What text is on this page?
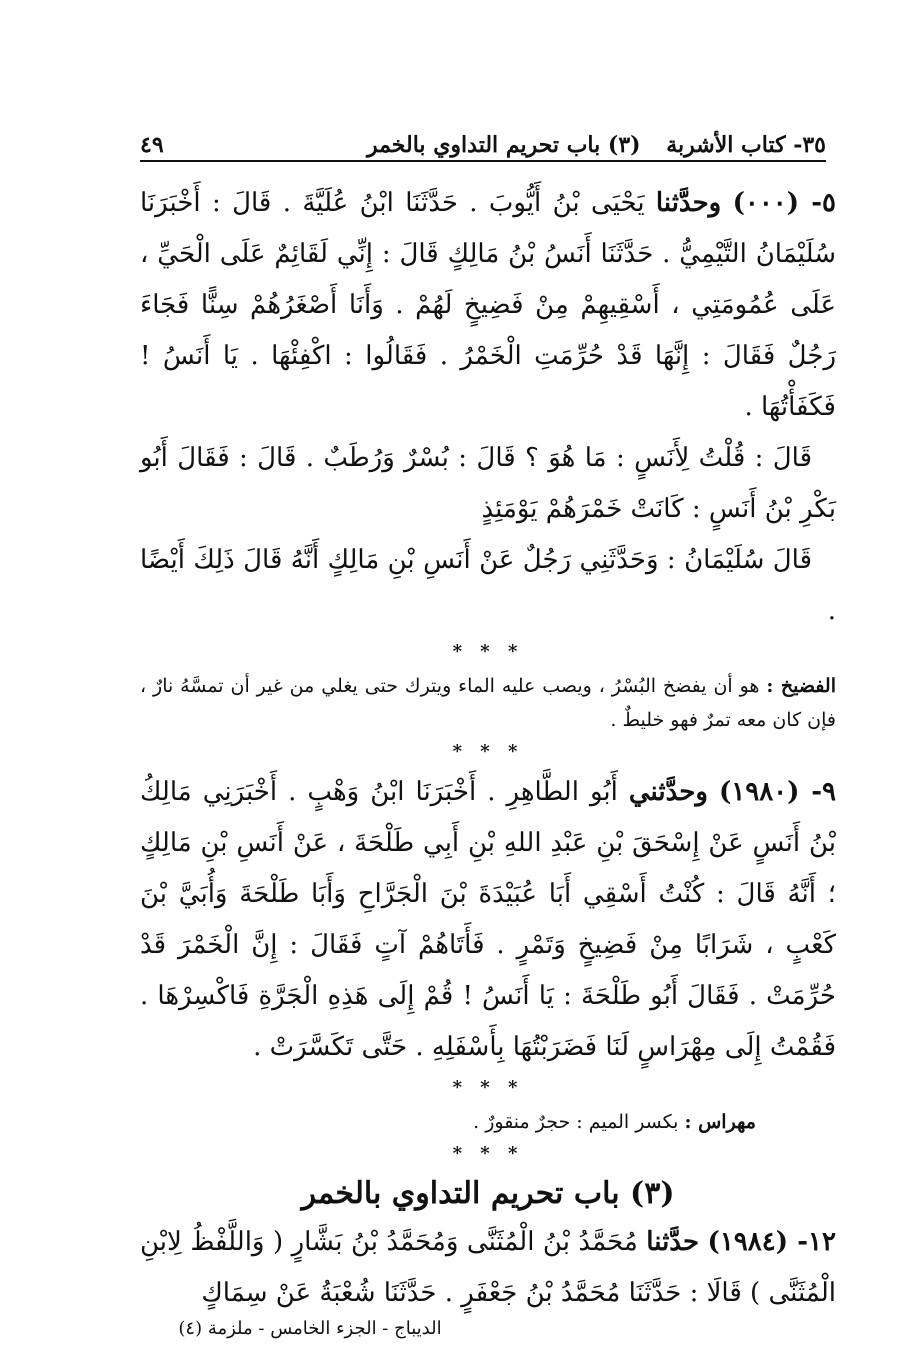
٣٥- كتاب الأشربة (٣) باب تحريم التداوي بالخمر
٤٩

٥- (٠٠٠) وحدَّثنا يَحْيَى بْنُ أَيُّوبَ . حَدَّثَنَا ابْنُ عُلَيَّةَ . قَالَ : أَخْبَرَنَا سُلَيْمَانُ التَّيْمِيُّ . حَدَّثَنَا أَنَسُ بْنُ مَالِكٍ قَالَ : إِنِّي لَقَائِمٌ عَلَى الْحَيِّ ، عَلَى عُمُومَتِي ، أَسْقِيهِمْ مِنْ فَضِيخٍ لَهُمْ . وَأَنَا أَصْغَرُهُمْ سِنًّا فَجَاءَ رَجُلٌ فَقَالَ : إِنَّهَا قَدْ حُرِّمَتِ الْخَمْرُ . فَقَالُوا : اكْفِئْهَا . يَا أَنَسُ ! فَكَفَأْتُهَا .

قَالَ : قُلْتُ لِأَنَسٍ : مَا هُوَ ؟ قَالَ : بُسْرٌ وَرُطَبٌ . قَالَ : فَقَالَ أَبُو بَكْرِ بْنُ أَنَسٍ : كَانَتْ خَمْرَهُمْ يَوْمَئِذٍ

قَالَ سُلَيْمَانُ : وَحَدَّثَنِي رَجُلٌ عَنْ أَنَسِ بْنِ مَالِكٍ أَنَّهُ قَالَ ذَلِكَ أَيْضًا .

* * *

الفضيخ : هو أن يفضخ البُسْرُ ، ويصب عليه الماء ويترك حتى يغلي من غير أن تمسَّهُ نارٌ ، فإن كان معه تمرٌ فهو خليطٌ .

* * *

٩- (١٩٨٠) وحدَّثني أَبُو الطَّاهِرِ . أَخْبَرَنَا ابْنُ وَهْبٍ . أَخْبَرَنِي مَالِكُ بْنُ أَنَسٍ عَنْ إِسْحَقَ بْنِ عَبْدِ اللهِ بْنِ أَبِي طَلْحَةَ ، عَنْ أَنَسِ بْنِ مَالِكٍ ؛ أَنَّهُ قَالَ : كُنْتُ أَسْقِي أَبَا عُبَيْدَةَ بْنَ الْجَرَّاحِ وَأَبَا طَلْحَةَ وَأُبَيَّ بْنَ كَعْبٍ ، شَرَابًا مِنْ فَضِيخٍ وَتَمْرٍ . فَأَتَاهُمْ آتٍ فَقَالَ : إِنَّ الْخَمْرَ قَدْ حُرِّمَتْ . فَقَالَ أَبُو طَلْحَةَ : يَا أَنَسُ ! قُمْ إِلَى هَذِهِ الْجَرَّةِ فَاكْسِرْهَا . فَقُمْتُ إِلَى مِهْرَاسٍ لَنَا فَضَرَبْتُهَا بِأَسْفَلِهِ . حَتَّى تَكَسَّرَتْ .

* * *

مهراس : بكسر الميم : حجرٌ منقورٌ .

* * *
(٣) باب تحريم التداوي بالخمر

١٢- (١٩٨٤) حدَّثنا مُحَمَّدُ بْنُ الْمُثَنَّى وَمُحَمَّدُ بْنُ بَشَّارٍ ( وَاللَّفْظُ لِابْنِ الْمُثَنَّى ) قَالَا : حَدَّثَنَا مُحَمَّدُ بْنُ جَعْفَرٍ . حَدَّثَنَا شُعْبَةُ عَنْ سِمَاكٍ

الديباج - الجزء الخامس - ملزمة (٤)
